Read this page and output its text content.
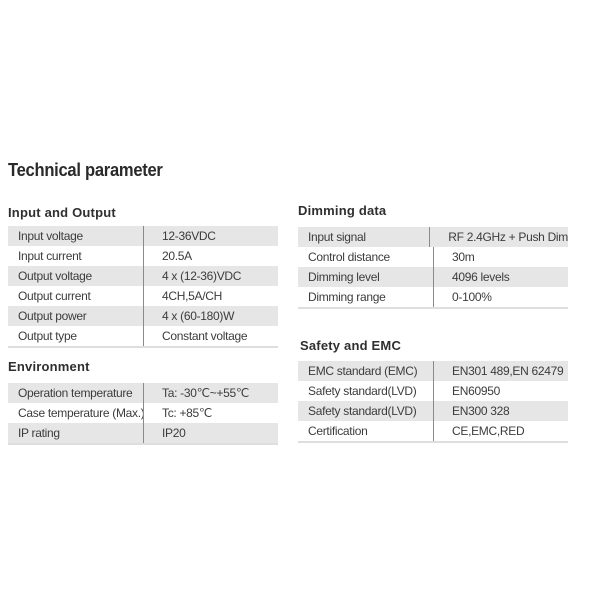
Technical parameter
Input and Output
Input voltage	12-36VDC
Input current	20.5A
Output voltage	4 x (12-36)VDC
Output current	4CH,5A/CH
Output power	4 x (60-180)W
Output type	Constant voltage
Environment
Operation temperature	Ta: -30℃~+55℃
Case temperature (Max.)	Tc: +85℃
IP rating	IP20
Dimming data
Input signal	RF 2.4GHz + Push Dim
Control distance	30m
Dimming level	4096 levels
Dimming range	0-100%
Safety and EMC
EMC standard (EMC)	EN301 489,EN 62479
Safety standard(LVD)	EN60950
Safety standard(LVD)	EN300 328
Certification	CE,EMC,RED
